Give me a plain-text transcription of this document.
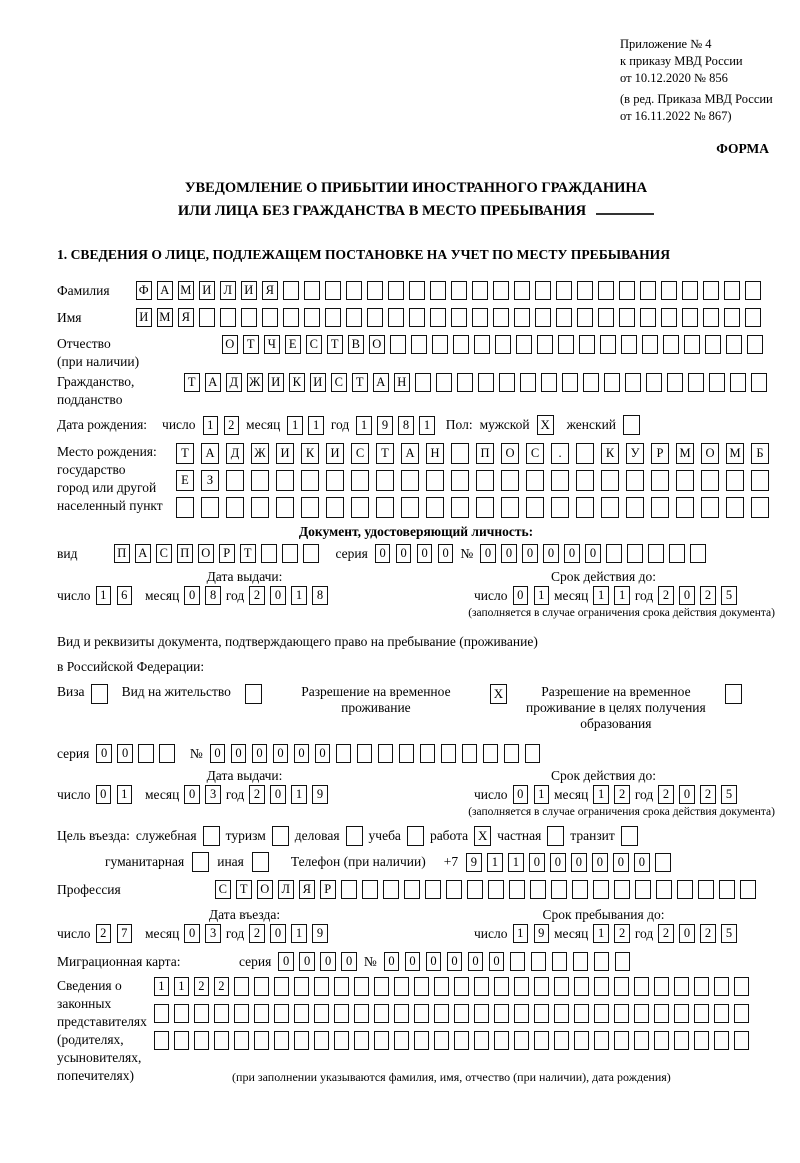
Приложение № 4
к приказу МВД России
от 10.12.2020 № 856
(в ред. Приказа МВД России
от 16.11.2022 № 867)
ФОРМА
УВЕДОМЛЕНИЕ О ПРИБЫТИИ ИНОСТРАННОГО ГРАЖДАНИНА
ИЛИ ЛИЦА БЕЗ ГРАЖДАНСТВА В МЕСТО ПРЕБЫВАНИЯ
1. СВЕДЕНИЯ О ЛИЦЕ, ПОДЛЕЖАЩЕМ ПОСТАНОВКЕ НА УЧЕТ ПО МЕСТУ ПРЕБЫВАНИЯ
Фамилия	Ф А М И Л И Я
Имя	И М Я
Отчество
(при наличии)
О	Т	Ч	Е	С	Т	В О
Гражданство,
подданство
Т	А Д Ж И К И С	Т	А Н
Дата рождения: число 1	2 месяц 1	1 год 1	9	8	1	Пол: мужской X женский
Место рождения:
государство
город или другой
населенный пункт
Т	А	Д	Ж	И	К	И	С	Т	А	Н	П	О	С	.	К	У	Р	М	О	М	Б
Е	З
Документ, удостоверяющий личность:
вид	П А С П О	Р	Т	серия 0	0	0	0 № 0	0	0	0	0	0
Дата выдачи:	Срок действия до:
число 1	6	месяц 0	8 год 2	0	1	8	число 0	1 месяц 1	1 год 2	0	2	5
(заполняется в случае ограничения срока действия документа)
Вид и реквизиты документа, подтверждающего право на пребывание (проживание)
в Российской Федерации:
Виза	Вид на жительство	Разрешение на временное проживание
X	Разрешение на временное проживание в целях получения образования
серия 0	0	№ 0	0	0	0	0	0
Дата выдачи:	Срок действия до:
число 0	1	месяц 0	3 год 2	0	1	9	число 0	1 месяц 1	2 год 2	0	2	5
(заполняется в случае ограничения срока действия документа)
Цель въезда: служебная туризм деловая учеба работа X частная транзит
гуманитарная иная	Телефон (при наличии) +7	9	1	1	0	0	0	0	0	0
Профессия	С	Т	О Л Я	Р
Дата въезда:	Срок пребывания до:
число 2	7	месяц 0	3 год 2	0	1	9	число 1	9 месяц 1	2 год 2	0	2	5
Миграционная карта:	серия 0	0	0	0 № 0	0	0	0	0	0
Сведения о
законных
представителях
(родителях,
усыновителях,
попечителях)
1	1	2	2
(при заполнении указываются фамилия, имя, отчество (при наличии), дата рождения)
